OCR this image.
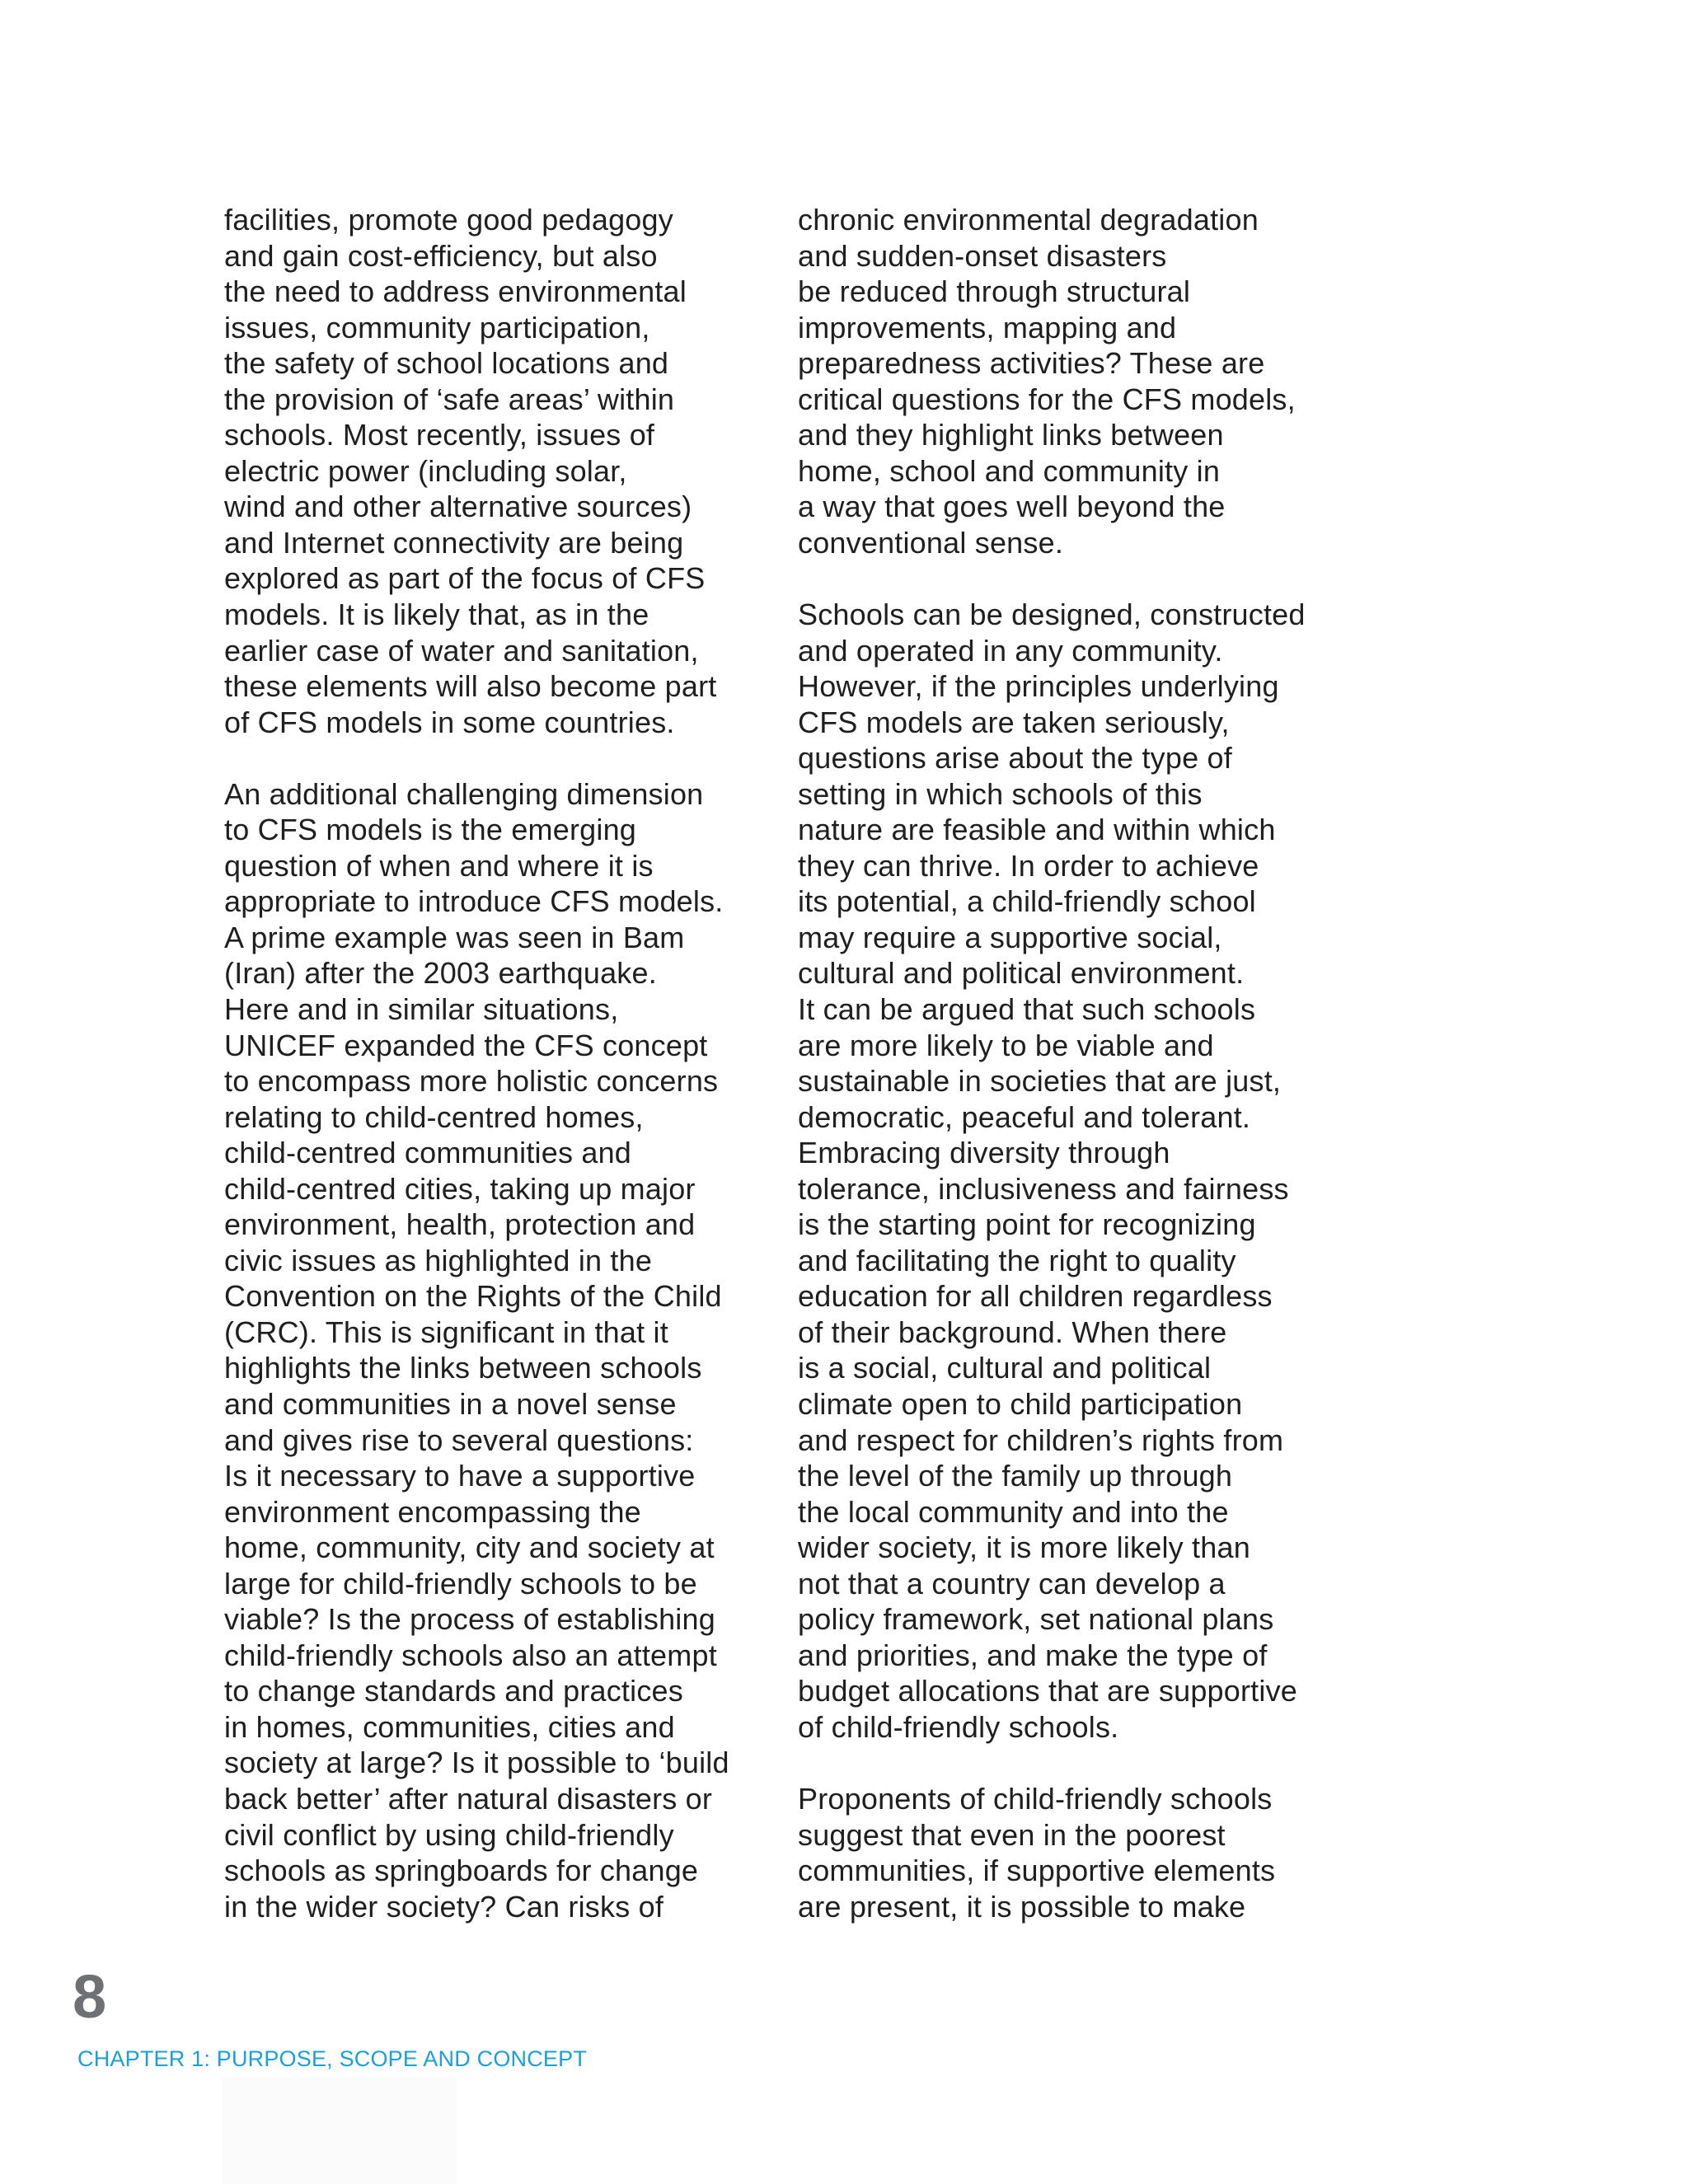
facilities, promote good pedagogy
and gain cost-efficiency, but also
the need to address environmental
issues, community participation,
the safety of school locations and
the provision of ‘safe areas’ within
schools. Most recently, issues of
electric power (including solar,
wind and other alternative sources)
and Internet connectivity are being
explored as part of the focus of CFS
models. It is likely that, as in the
earlier case of water and sanitation,
these elements will also become part
of CFS models in some countries.

An additional challenging dimension
to CFS models is the emerging
question of when and where it is
appropriate to introduce CFS models.
A prime example was seen in Bam
(Iran) after the 2003 earthquake.
Here and in similar situations,
UNICEF expanded the CFS concept
to encompass more holistic concerns
relating to child-centred homes,
child-centred communities and
child-centred cities, taking up major
environment, health, protection and
civic issues as highlighted in the
Convention on the Rights of the Child
(CRC). This is significant in that it
highlights the links between schools
and communities in a novel sense
and gives rise to several questions:
Is it necessary to have a supportive
environment encompassing the
home, community, city and society at
large for child-friendly schools to be
viable? Is the process of establishing
child-friendly schools also an attempt
to change standards and practices
in homes, communities, cities and
society at large? Is it possible to ‘build
back better’ after natural disasters or
civil conflict by using child-friendly
schools as springboards for change
in the wider society? Can risks of

chronic environmental degradation
and sudden-onset disasters
be reduced through structural
improvements, mapping and
preparedness activities? These are
critical questions for the CFS models,
and they highlight links between
home, school and community in
a way that goes well beyond the
conventional sense.

Schools can be designed, constructed
and operated in any community.
However, if the principles underlying
CFS models are taken seriously,
questions arise about the type of
setting in which schools of this
nature are feasible and within which
they can thrive. In order to achieve
its potential, a child-friendly school
may require a supportive social,
cultural and political environment.
It can be argued that such schools
are more likely to be viable and
sustainable in societies that are just,
democratic, peaceful and tolerant.
Embracing diversity through
tolerance, inclusiveness and fairness
is the starting point for recognizing
and facilitating the right to quality
education for all children regardless
of their background. When there
is a social, cultural and political
climate open to child participation
and respect for children’s rights from
the level of the family up through
the local community and into the
wider society, it is more likely than
not that a country can develop a
policy framework, set national plans
and priorities, and make the type of
budget allocations that are supportive
of child-friendly schools.

Proponents of child-friendly schools
suggest that even in the poorest
communities, if supportive elements
are present, it is possible to make

8
CHAPTER 1: PURPOSE, SCOPE AND CONCEPT
